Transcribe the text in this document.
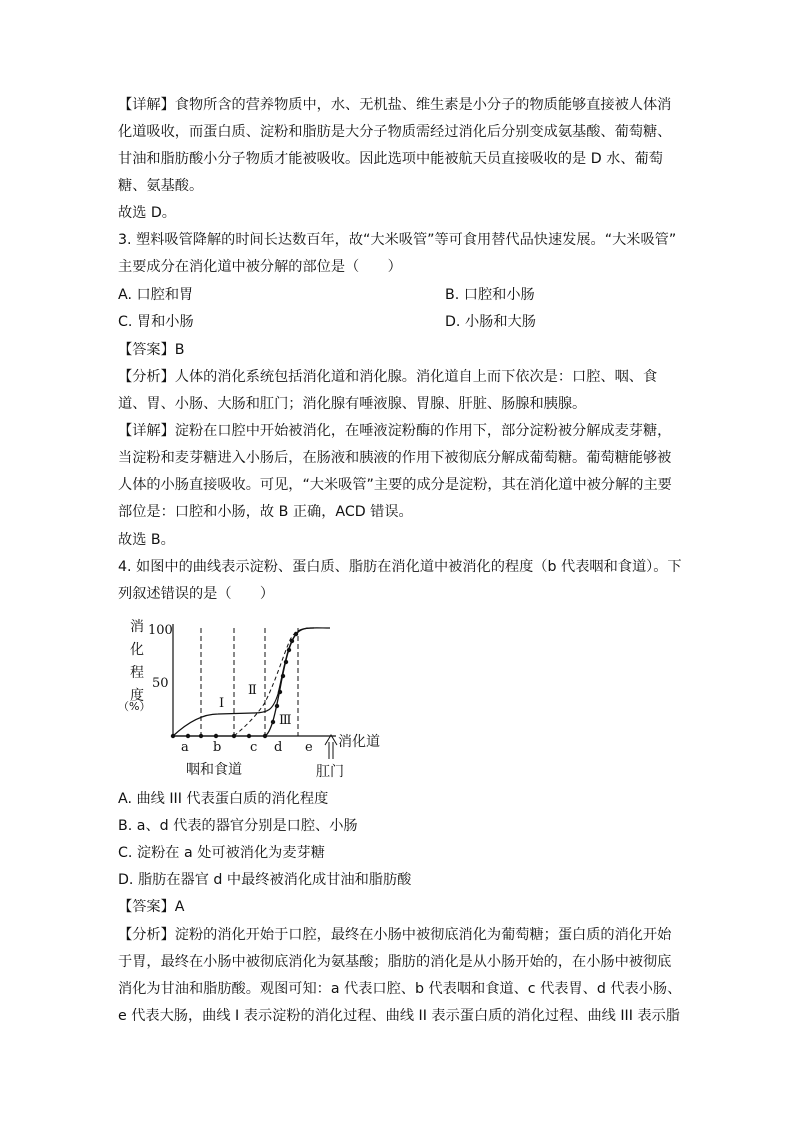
【详解】食物所含的营养物质中，水、无机盐、维生素是小分子的物质能够直接被人体消
化道吸收，而蛋白质、淀粉和脂肪是大分子物质需经过消化后分别变成氨基酸、葡萄糖、
甘油和脂肪酸小分子物质才能被吸收。因此选项中能被航天员直接吸收的是 D 水、葡萄
糖、氨基酸。
故选 D。
3. 塑料吸管降解的时间长达数百年，故“大米吸管”等可食用替代品快速发展。“大米吸管”
主要成分在消化道中被分解的部位是（　　）
A. 口腔和胃	B. 口腔和小肠
C. 胃和小肠	D. 小肠和大肠
【答案】B
【分析】人体的消化系统包括消化道和消化腺。消化道自上而下依次是：口腔、咽、食
道、胃、小肠、大肠和肛门；消化腺有唾液腺、胃腺、肝脏、肠腺和胰腺。
【详解】淀粉在口腔中开始被消化，在唾液淀粉酶的作用下，部分淀粉被分解成麦芽糖，
当淀粉和麦芽糖进入小肠后，在肠液和胰液的作用下被彻底分解成葡萄糖。葡萄糖能够被
人体的小肠直接吸收。可见，“大米吸管”主要的成分是淀粉，其在消化道中被分解的主要
部位是：口腔和小肠，故 B 正确，ACD 错误。
故选 B。
4. 如图中的曲线表示淀粉、蛋白质、脂肪在消化道中被消化的程度（b 代表咽和食道）。下
列叙述错误的是（　　）
消
化
程
度
（%）
100
50
Ⅰ
Ⅱ
Ⅲ
a b c d e 消化道
咽和食道	肛门
A. 曲线 III 代表蛋白质的消化程度
B. a、d 代表的器官分别是口腔、小肠
C. 淀粉在 a 处可被消化为麦芽糖
D. 脂肪在器官 d 中最终被消化成甘油和脂肪酸
【答案】A
【分析】淀粉的消化开始于口腔，最终在小肠中被彻底消化为葡萄糖；蛋白质的消化开始
于胃，最终在小肠中被彻底消化为氨基酸；脂肪的消化是从小肠开始的，在小肠中被彻底
消化为甘油和脂肪酸。观图可知：a 代表口腔、b 代表咽和食道、c 代表胃、d 代表小肠、
e 代表大肠，曲线 I 表示淀粉的消化过程、曲线 II 表示蛋白质的消化过程、曲线 III 表示脂
